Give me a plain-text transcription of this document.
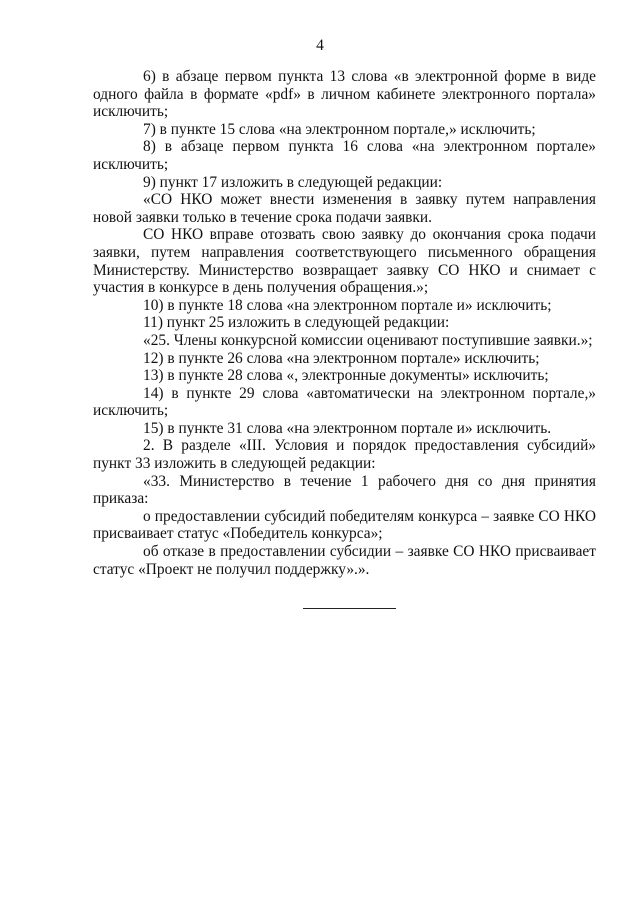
4

6) в абзаце первом пункта 13 слова «в электронной форме в виде одного файла в формате «pdf» в личном кабинете электронного портала» исключить;

7) в пункте 15 слова «на электронном портале,» исключить;

8) в абзаце первом пункта 16 слова «на электронном портале» исключить;

9) пункт 17 изложить в следующей редакции:

«СО НКО может внести изменения в заявку путем направления новой заявки только в течение срока подачи заявки.

СО НКО вправе отозвать свою заявку до окончания срока подачи заявки, путем направления соответствующего письменного обращения Министерству. Министерство возвращает заявку СО НКО и снимает с участия в конкурсе в день получения обращения.»;

10) в пункте 18 слова «на электронном портале и» исключить;

11) пункт 25 изложить в следующей редакции:

«25. Члены конкурсной комиссии оценивают поступившие заявки.»;

12) в пункте 26 слова «на электронном портале» исключить;

13) в пункте 28 слова «, электронные документы» исключить;

14) в пункте 29 слова «автоматически на электронном портале,» исключить;

15) в пункте 31 слова «на электронном портале и» исключить.

2. В разделе «III. Условия и порядок предоставления субсидий» пункт 33 изложить в следующей редакции:

«33. Министерство в течение 1 рабочего дня со дня принятия приказа:

о предоставлении субсидий победителям конкурса – заявке СО НКО присваивает статус «Победитель конкурса»;

об отказе в предоставлении субсидии – заявке СО НКО присваивает статус «Проект не получил поддержку».».
